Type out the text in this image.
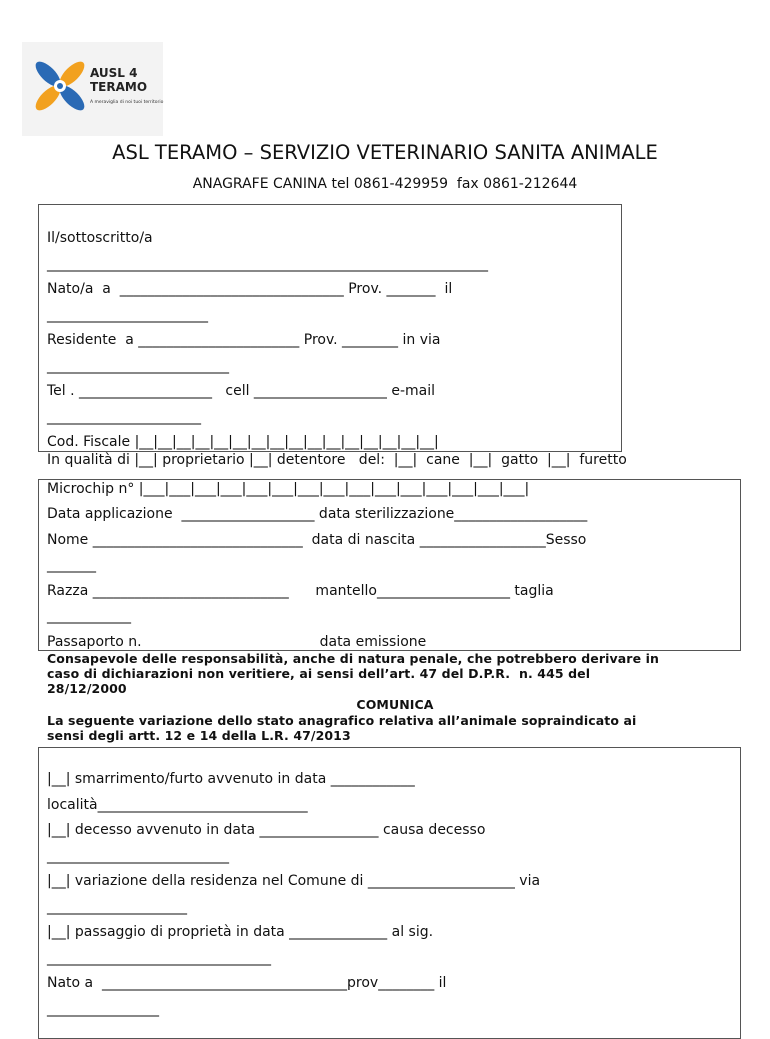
AUSL 4
TERAMO
A meraviglia di noi tuoi territorio
ASL TERAMO – SERVIZIO VETERINARIO SANITA ANIMALE
ANAGRAFE CANINA tel 0861-429959  fax 0861-212644
Il/sottoscritto/a
_______________________________________________________________
Nato/a  a  ________________________________ Prov. _______  il
_______________________
Residente  a _______________________ Prov. ________ in via
__________________________
Tel . ___________________   cell ___________________ e-mail
______________________
Cod. Fiscale |__|__|__|__|__|__|__|__|__|__|__|__|__|__|__|__|
In qualità di |__| proprietario |__| detentore   del:  |__|  cane  |__|  gatto  |__|  furetto
Microchip n° |___|___|___|___|___|___|___|___|___|___|___|___|___|___|___|
Data applicazione  ___________________ data sterilizzazione___________________
Nome ______________________________  data di nascita __________________Sesso
_______
Razza ____________________________      mantello___________________ taglia
____________
Passaporto n.                                        data emissione
Consapevole delle responsabilità, anche di natura penale, che potrebbero derivare in
caso di dichiarazioni non veritiere, ai sensi dell’art. 47 del D.P.R.  n. 445 del
28/12/2000
COMUNICA
La seguente variazione dello stato anagrafico relativa all’animale sopraindicato ai
sensi degli artt. 12 e 14 della L.R. 47/2013
|__| smarrimento/furto avvenuto in data ____________
località______________________________
|__| decesso avvenuto in data _________________ causa decesso
__________________________
|__| variazione della residenza nel Comune di _____________________ via
____________________
|__| passaggio di proprietà in data ______________ al sig.
________________________________
Nato a  ___________________________________prov________ il
________________
